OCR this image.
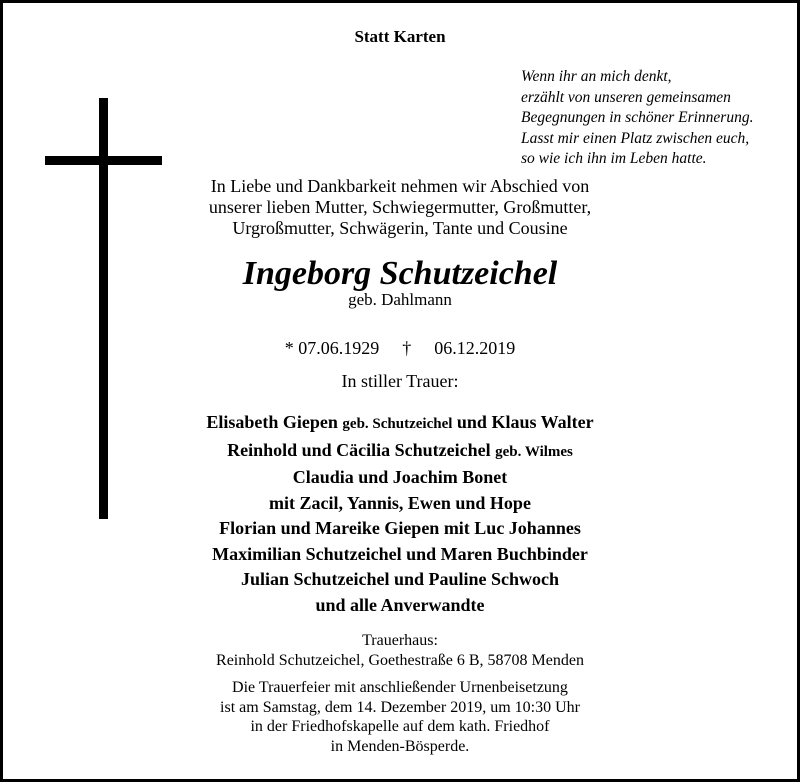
Statt Karten
Wenn ihr an mich denkt,
erzählt von unseren gemeinsamen
Begegnungen in schöner Erinnerung.
Lasst mir einen Platz zwischen euch,
so wie ich ihn im Leben hatte.
In Liebe und Dankbarkeit nehmen wir Abschied von
unserer lieben Mutter, Schwiegermutter, Großmutter,
Urgroßmutter, Schwägerin, Tante und Cousine
Ingeborg Schutzeichel
geb. Dahlmann
* 07.06.1929 † 06.12.2019
In stiller Trauer:
Elisabeth Giepen geb. Schutzeichel und Klaus Walter
Reinhold und Cäcilia Schutzeichel geb. Wilmes
Claudia und Joachim Bonet
mit Zacil, Yannis, Ewen und Hope
Florian und Mareike Giepen mit Luc Johannes
Maximilian Schutzeichel und Maren Buchbinder
Julian Schutzeichel und Pauline Schwoch
und alle Anverwandte
Trauerhaus:
Reinhold Schutzeichel, Goethestraße 6 B, 58708 Menden
Die Trauerfeier mit anschließender Urnenbeisetzung
ist am Samstag, dem 14. Dezember 2019, um 10:30 Uhr
in der Friedhofskapelle auf dem kath. Friedhof
in Menden-Bösperde.
